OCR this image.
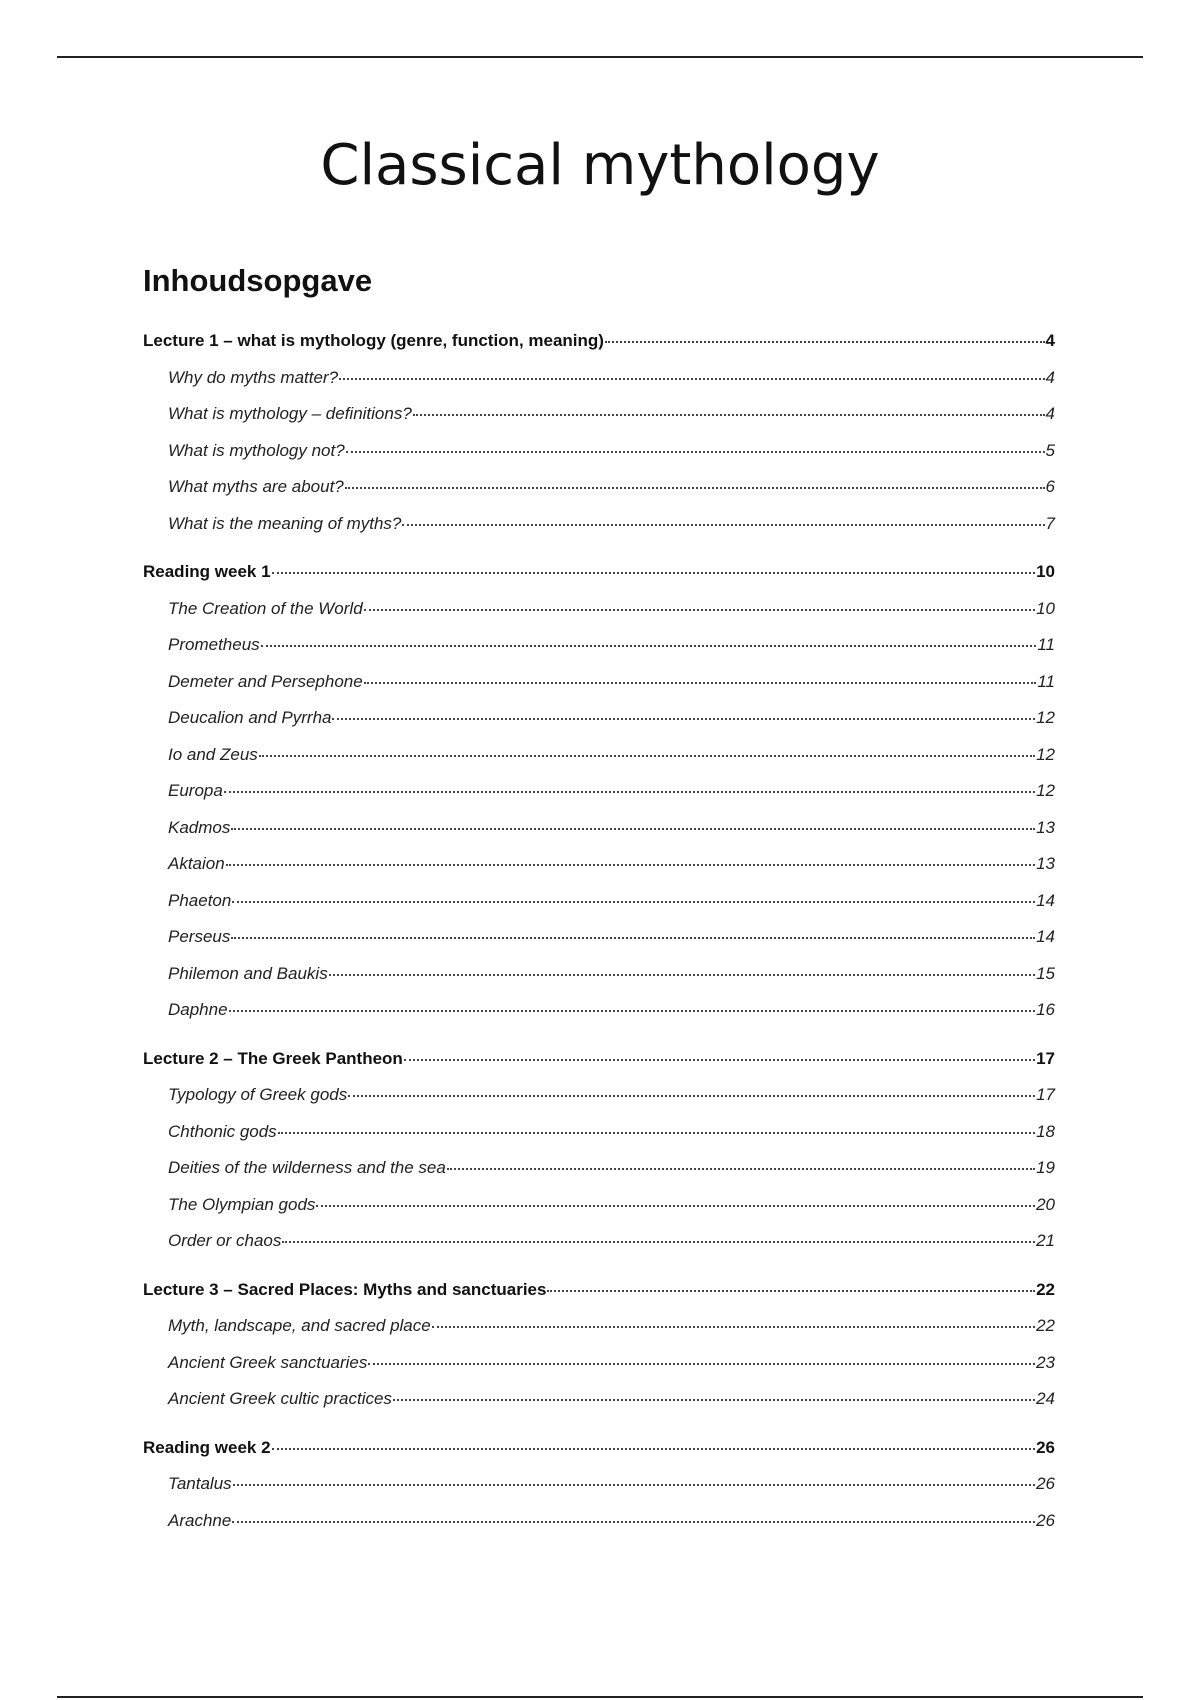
Classical mythology
Inhoudsopgave
Lecture 1 – what is mythology (genre, function, meaning)	4
Why do myths matter?	4
What is mythology – definitions?	4
What is mythology not?	5
What myths are about?	6
What is the meaning of myths?	7
Reading week 1	10
The Creation of the World	10
Prometheus	11
Demeter and Persephone	11
Deucalion and Pyrrha	12
Io and Zeus	12
Europa	12
Kadmos	13
Aktaion	13
Phaeton	14
Perseus	14
Philemon and Baukis	15
Daphne	16
Lecture 2 – The Greek Pantheon	17
Typology of Greek gods	17
Chthonic gods	18
Deities of the wilderness and the sea	19
The Olympian gods	20
Order or chaos	21
Lecture 3 – Sacred Places: Myths and sanctuaries	22
Myth, landscape, and sacred place	22
Ancient Greek sanctuaries	23
Ancient Greek cultic practices	24
Reading week 2	26
Tantalus	26
Arachne	26
